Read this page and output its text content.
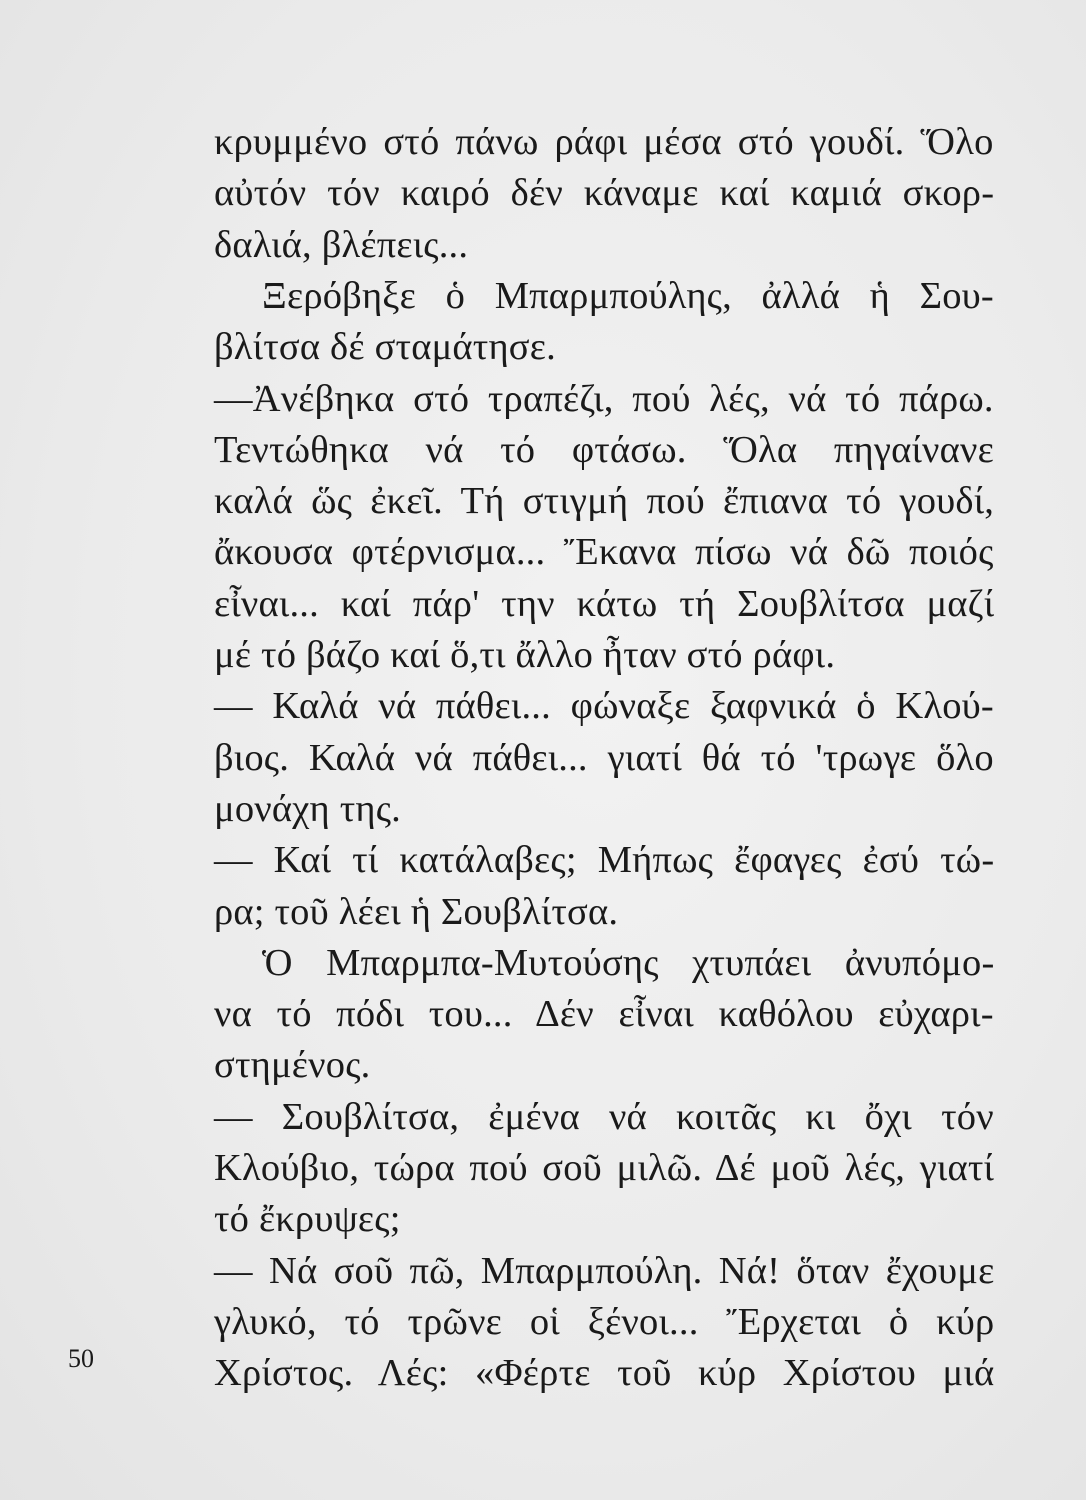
κρυμμένο στό πάνω ράφι μέσα στό γουδί. Ὅλο
αὐτόν τόν καιρό δέν κάναμε καί καμιά σκορ-
δαλιά, βλέπεις...
Ξερόβηξε ὁ Μπαρμπούλης, ἀλλά ἡ Σου-
βλίτσα δέ σταμάτησε.
—Ἀνέβηκα στό τραπέζι, πού λές, νά τό πάρω.
Τεντώθηκα νά τό φτάσω. Ὅλα πηγαίνανε
καλά ὥς ἐκεῖ. Τή στιγμή πού ἔπιανα τό γουδί,
ἄκουσα φτέρνισμα... Ἔκανα πίσω νά δῶ ποιός
εἶναι... καί πάρ' την κάτω τή Σουβλίτσα μαζί
μέ τό βάζο καί ὅ,τι ἄλλο ἦταν στό ράφι.
— Καλά νά πάθει... φώναξε ξαφνικά ὁ Κλού-
βιος. Καλά νά πάθει... γιατί θά τό 'τρωγε ὅλο
μονάχη της.
— Καί τί κατάλαβες; Μήπως ἔφαγες ἐσύ τώ-
ρα; τοῦ λέει ἡ Σουβλίτσα.
Ὁ Μπαρμπα-Μυτούσης χτυπάει ἀνυπόμο-
να τό πόδι του... Δέν εἶναι καθόλου εὐχαρι-
στημένος.
— Σουβλίτσα, ἐμένα νά κοιτᾶς κι ὄχι τόν
Κλούβιο, τώρα πού σοῦ μιλῶ. Δέ μοῦ λές, γιατί
τό ἔκρυψες;
— Νά σοῦ πῶ, Μπαρμπούλη. Νά! ὅταν ἔχουμε
γλυκό, τό τρῶνε οἱ ξένοι... Ἔρχεται ὁ κύρ
Χρίστος. Λές: «Φέρτε τοῦ κύρ Χρίστου μιά
50
